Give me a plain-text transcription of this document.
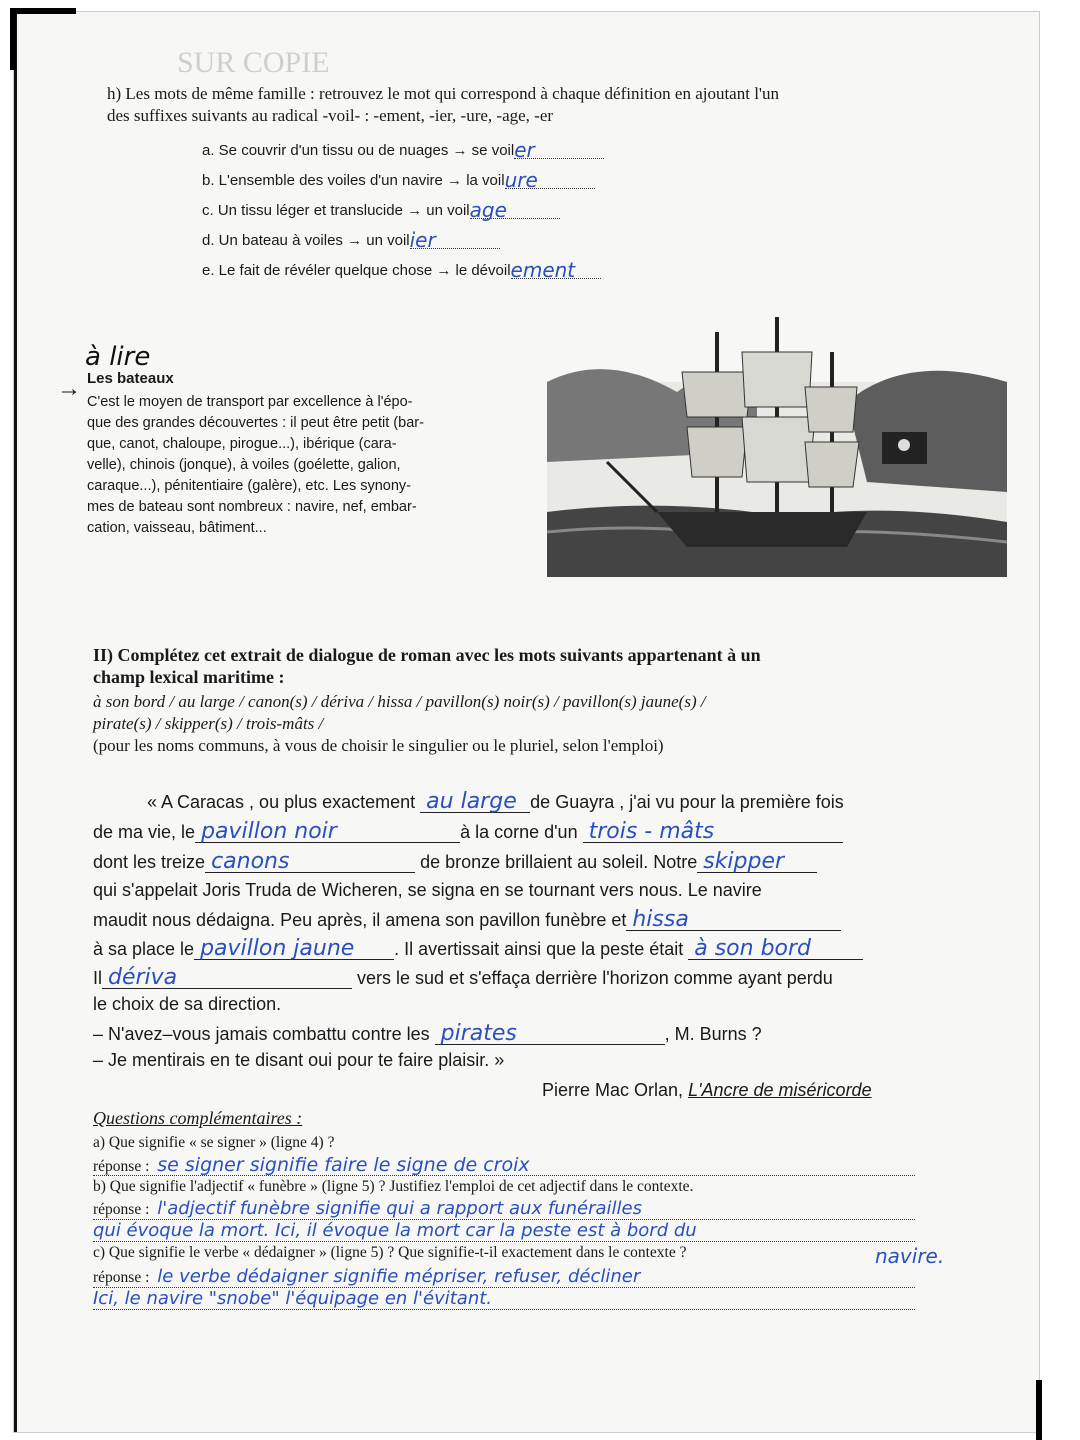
SUR COPIE
h) Les mots de même famille : retrouvez le mot qui correspond à chaque définition en ajoutant l'un
des suffixes suivants au radical -voil- : -ement, -ier, -ure, -age, -er
a. Se couvrir d'un tissu ou de nuages → se voil er
b. L'ensemble des voiles d'un navire → la voil ure
c. Un tissu léger et translucide → un voil age
d. Un bateau à voiles → un voil ier
e. Le fait de révéler quelque chose → le dévoil ement
à lire
→ Les bateaux
C'est le moyen de transport par excellence à l'épo-
que des grandes découvertes : il peut être petit (bar-
que, canot, chaloupe, pirogue...), ibérique (cara-
velle), chinois (jonque), à voiles (goélette, galion,
caraque...), pénitentiaire (galère), etc. Les synony-
mes de bateau sont nombreux : navire, nef, embar-
cation, vaisseau, bâtiment...
II) Complétez cet extrait de dialogue de roman avec les mots suivants appartenant à un
champ lexical maritime :
à son bord / au large / canon(s) / dériva / hissa / pavillon(s) noir(s) / pavillon(s) jaune(s) /
pirate(s) / skipper(s) / trois-mâts /
(pour les noms communs, à vous de choisir le singulier ou le pluriel, selon l'emploi)
« A Caracas , ou plus exactement au large de Guayra , j'ai vu pour la première fois
de ma vie, le pavillon noir	à la corne d'un trois - mâts
dont les treize canons	de bronze brillaient au soleil. Notre skipper
qui s'appelait Joris Truda de Wicheren, se signa en se tournant vers nous. Le navire
maudit nous dédaigna. Peu après, il amena son pavillon funèbre et hissa
à sa place le pavillon jaune . Il avertissait ainsi que la peste était à son bord
Il dériva	vers le sud et s'effaça derrière l'horizon comme ayant perdu
le choix de sa direction.
– N'avez–vous jamais combattu contre les pirates	, M. Burns ?
– Je mentirais en te disant oui pour te faire plaisir. »
Pierre Mac Orlan, L'Ancre de miséricorde
Questions complémentaires :
a) Que signifie « se signer » (ligne 4) ?
réponse : se signer signifie faire le signe de croix
b) Que signifie l'adjectif « funèbre » (ligne 5) ? Justifiez l'emploi de cet adjectif dans le contexte.
réponse : l'adjectif funèbre signifie qui a rapport aux funérailles
qui évoque la mort. Ici, il évoque la mort car la peste est à bord du
navire.
c) Que signifie le verbe « dédaigner » (ligne 5) ? Que signifie-t-il exactement dans le contexte ?
réponse : le verbe dédaigner signifie mépriser, refuser, décliner
Ici, le navire "snobe" l'équipage en l'évitant.
